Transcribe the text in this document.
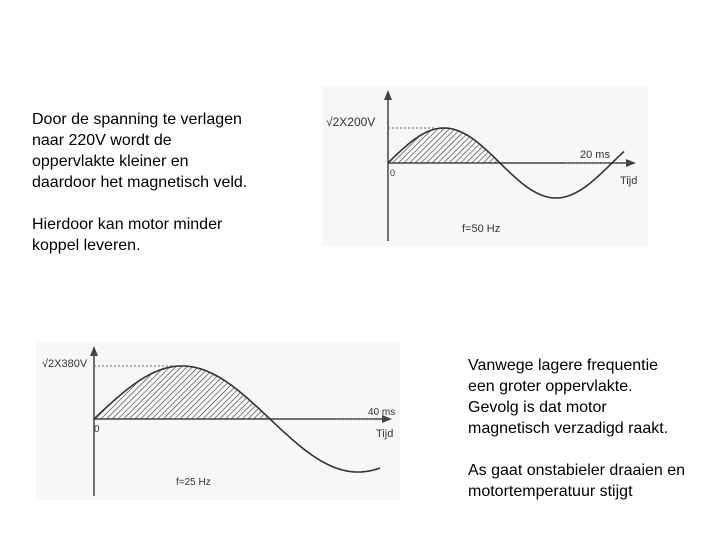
Door de spanning te verlagen
naar 220V wordt de
oppervlakte kleiner en
daardoor het magnetisch veld.

Hierdoor kan motor minder
koppel leveren.

√2X200V
20 ms
0
Tijd
f=50 Hz
√2X380V
40 ms
0	Tijd
f=25 Hz

Vanwege lagere frequentie
een groter oppervlakte.
Gevolg is dat motor
magnetisch verzadigd raakt.

As gaat onstabieler draaien en
motortemperatuur stijgt
